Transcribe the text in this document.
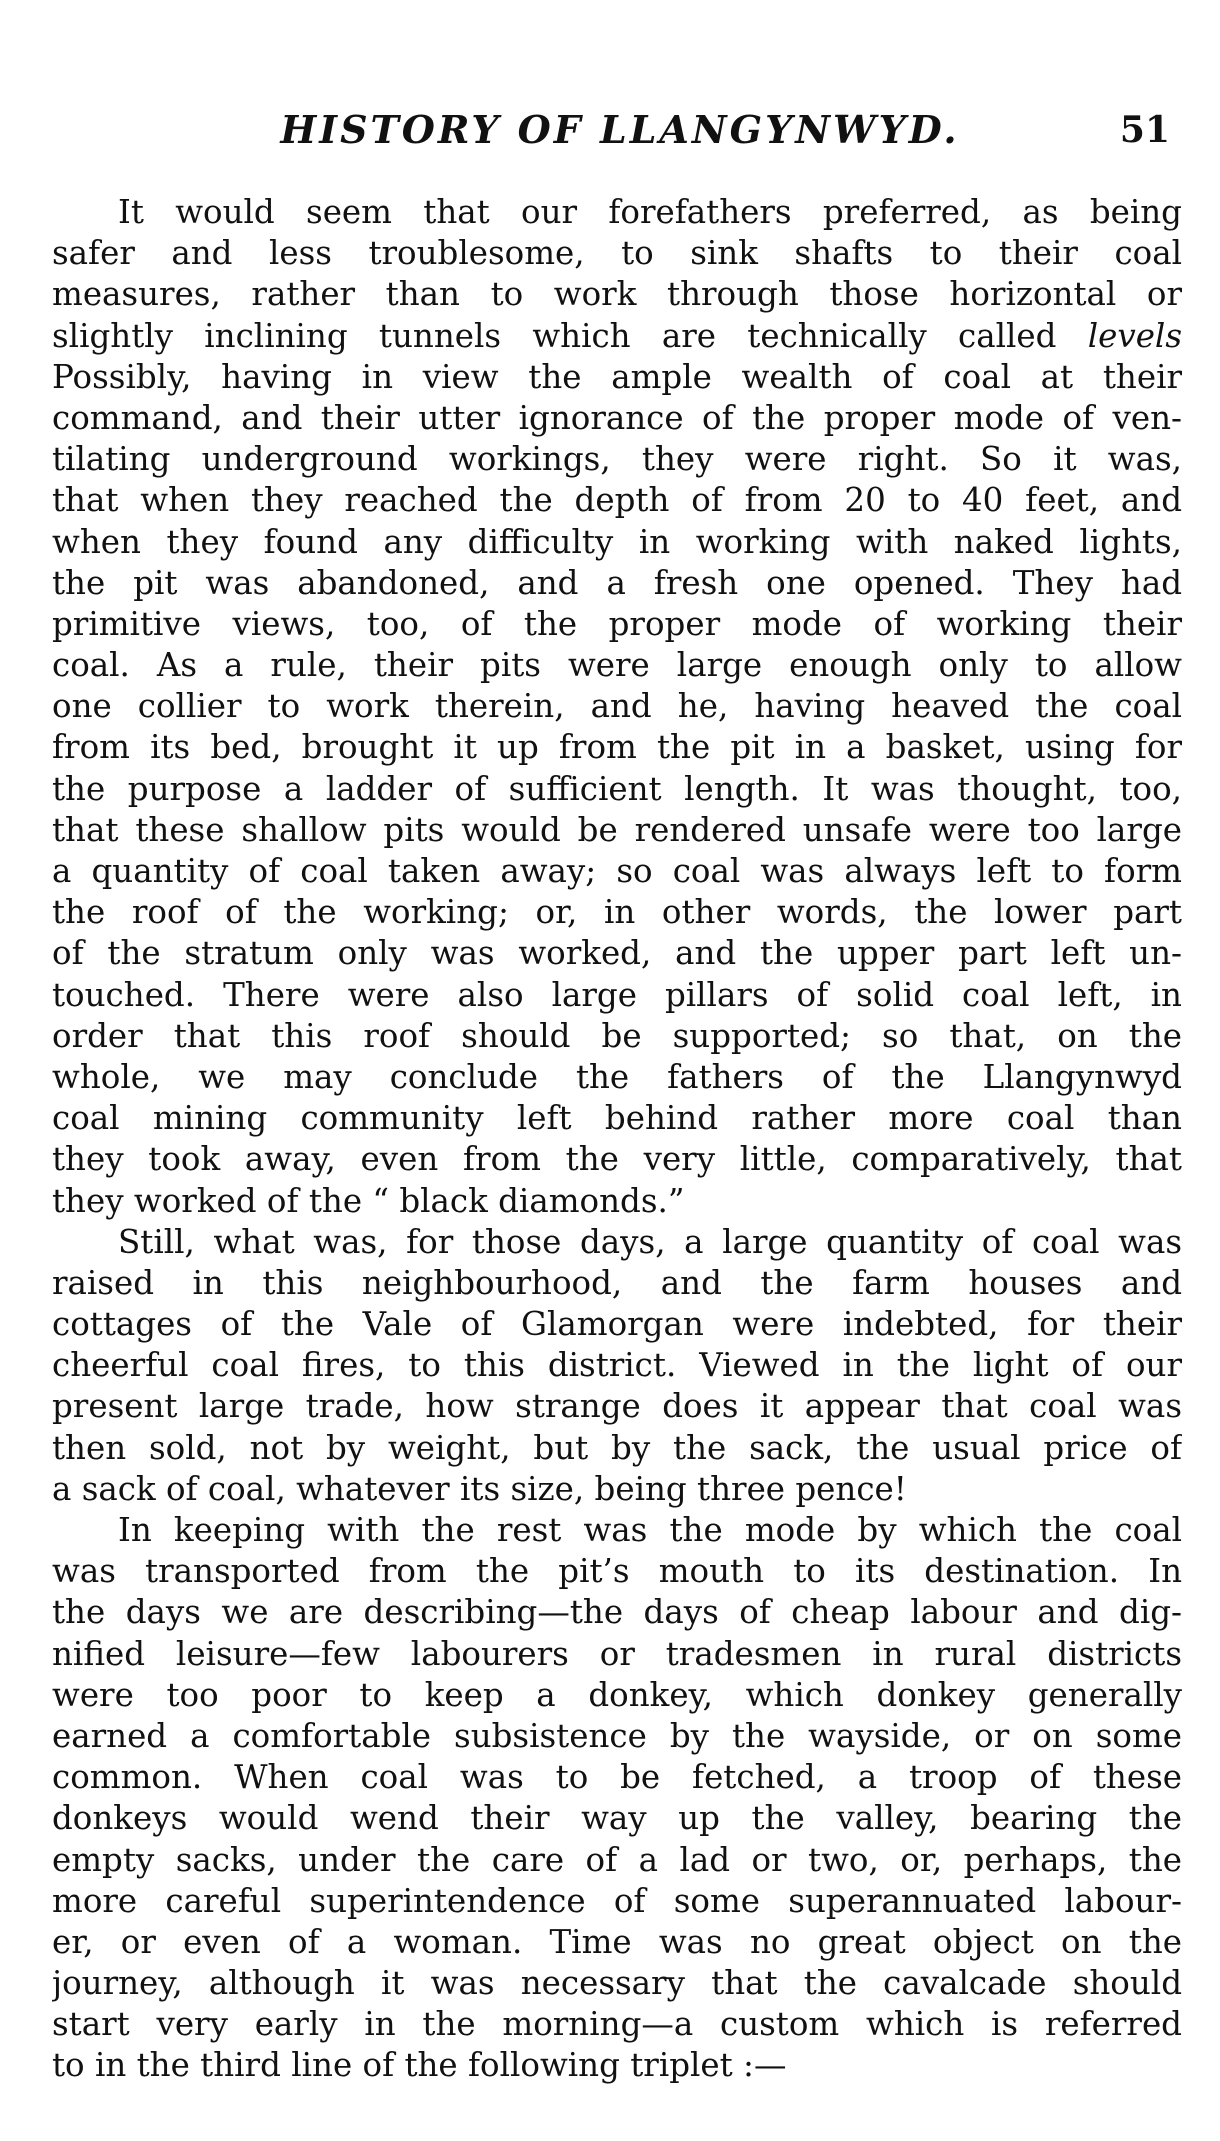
HISTORY OF LLANGYNWYD.	51
It would seem that our forefathers preferred, as being
safer and less troublesome, to sink shafts to their coal
measures, rather than to work through those horizontal or
slightly inclining tunnels which are technically called levels
Possibly, having in view the ample wealth of coal at their
command, and their utter ignorance of the proper mode of ven-
tilating underground workings, they were right. So it was,
that when they reached the depth of from 20 to 40 feet, and
when they found any difficulty in working with naked lights,
the pit was abandoned, and a fresh one opened. They had
primitive views, too, of the proper mode of working their
coal. As a rule, their pits were large enough only to allow
one collier to work therein, and he, having heaved the coal
from its bed, brought it up from the pit in a basket, using for
the purpose a ladder of sufficient length. It was thought, too,
that these shallow pits would be rendered unsafe were too large
a quantity of coal taken away; so coal was always left to form
the roof of the working; or, in other words, the lower part
of the stratum only was worked, and the upper part left un-
touched. There were also large pillars of solid coal left, in
order that this roof should be supported; so that, on the
whole, we may conclude the fathers of the Llangynwyd
coal mining community left behind rather more coal than
they took away, even from the very little, comparatively, that
they worked of the “ black diamonds.”
Still, what was, for those days, a large quantity of coal was
raised in this neighbourhood, and the farm houses and
cottages of the Vale of Glamorgan were indebted, for their
cheerful coal fires, to this district. Viewed in the light of our
present large trade, how strange does it appear that coal was
then sold, not by weight, but by the sack, the usual price of
a sack of coal, whatever its size, being three pence!
In keeping with the rest was the mode by which the coal
was transported from the pit’s mouth to its destination. In
the days we are describing—the days of cheap labour and dig-
nified leisure—few labourers or tradesmen in rural districts
were too poor to keep a donkey, which donkey generally
earned a comfortable subsistence by the wayside, or on some
common. When coal was to be fetched, a troop of these
donkeys would wend their way up the valley, bearing the
empty sacks, under the care of a lad or two, or, perhaps, the
more careful superintendence of some superannuated labour-
er, or even of a woman. Time was no great object on the
journey, although it was necessary that the cavalcade should
start very early in the morning—a custom which is referred
to in the third line of the following triplet :—
